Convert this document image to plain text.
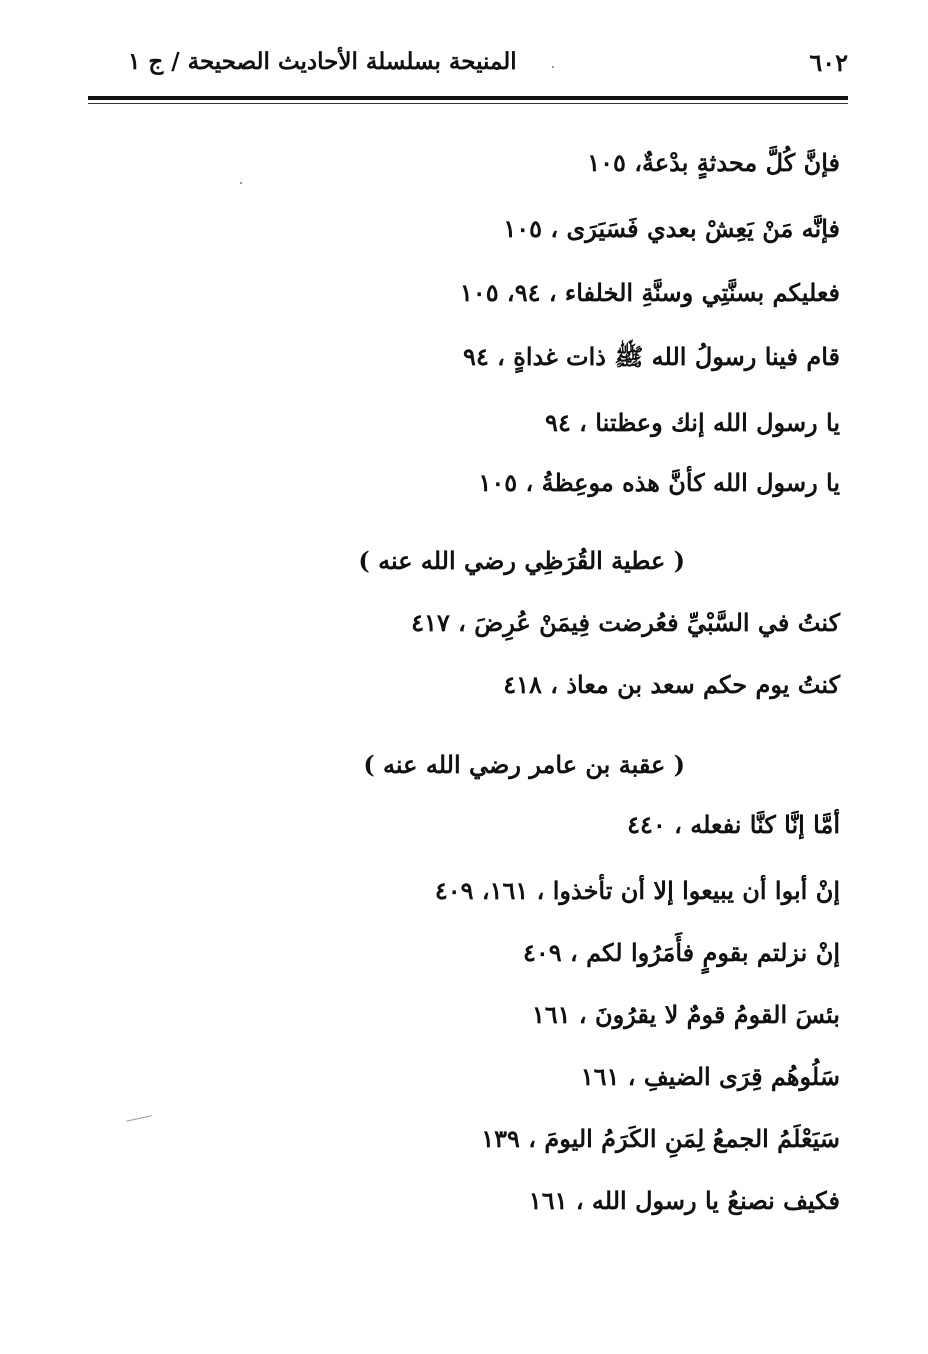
٦٠٢
المنيحة بسلسلة الأحاديث الصحيحة / ج ١
فإنَّ كُلَّ محدثةٍ بدْعةٌ، ١٠٥
فإنَّه مَنْ يَعِشْ بعدي فَسَيَرَى ، ١٠٥
فعليكم بسنَّتِي وسنَّةِ الخلفاء ، ٩٤، ١٠٥
قام فينا رسولُ الله ﷺ ذات غداةٍ ، ٩٤
يا رسول الله إنك وعظتنا ، ٩٤
يا رسول الله كأنَّ هذه موعِظةُ ، ١٠٥
( عطية القُرَظِي رضي الله عنه )
كنتُ في السَّبْيِّ فعُرضت فِيمَنْ عُرِضَ ، ٤١٧
كنتُ يوم حكم سعد بن معاذ ، ٤١٨
( عقبة بن عامر رضي الله عنه )
أمَّا إنَّا كنَّا نفعله ، ٤٤٠
إنْ أبوا أن يبيعوا إلا أن تأخذوا ، ١٦١، ٤٠٩
إنْ نزلتم بقومٍ فأَمَرُوا لكم ، ٤٠٩
بئسَ القومُ قومٌ لا يقرُونَ ، ١٦١
سَلُوهُم قِرَى الضيفِ ، ١٦١
سَيَعْلَمُ الجمعُ لِمَنِ الكَرَمُ اليومَ ، ١٣٩
فكيف نصنعُ يا رسول الله ، ١٦١
